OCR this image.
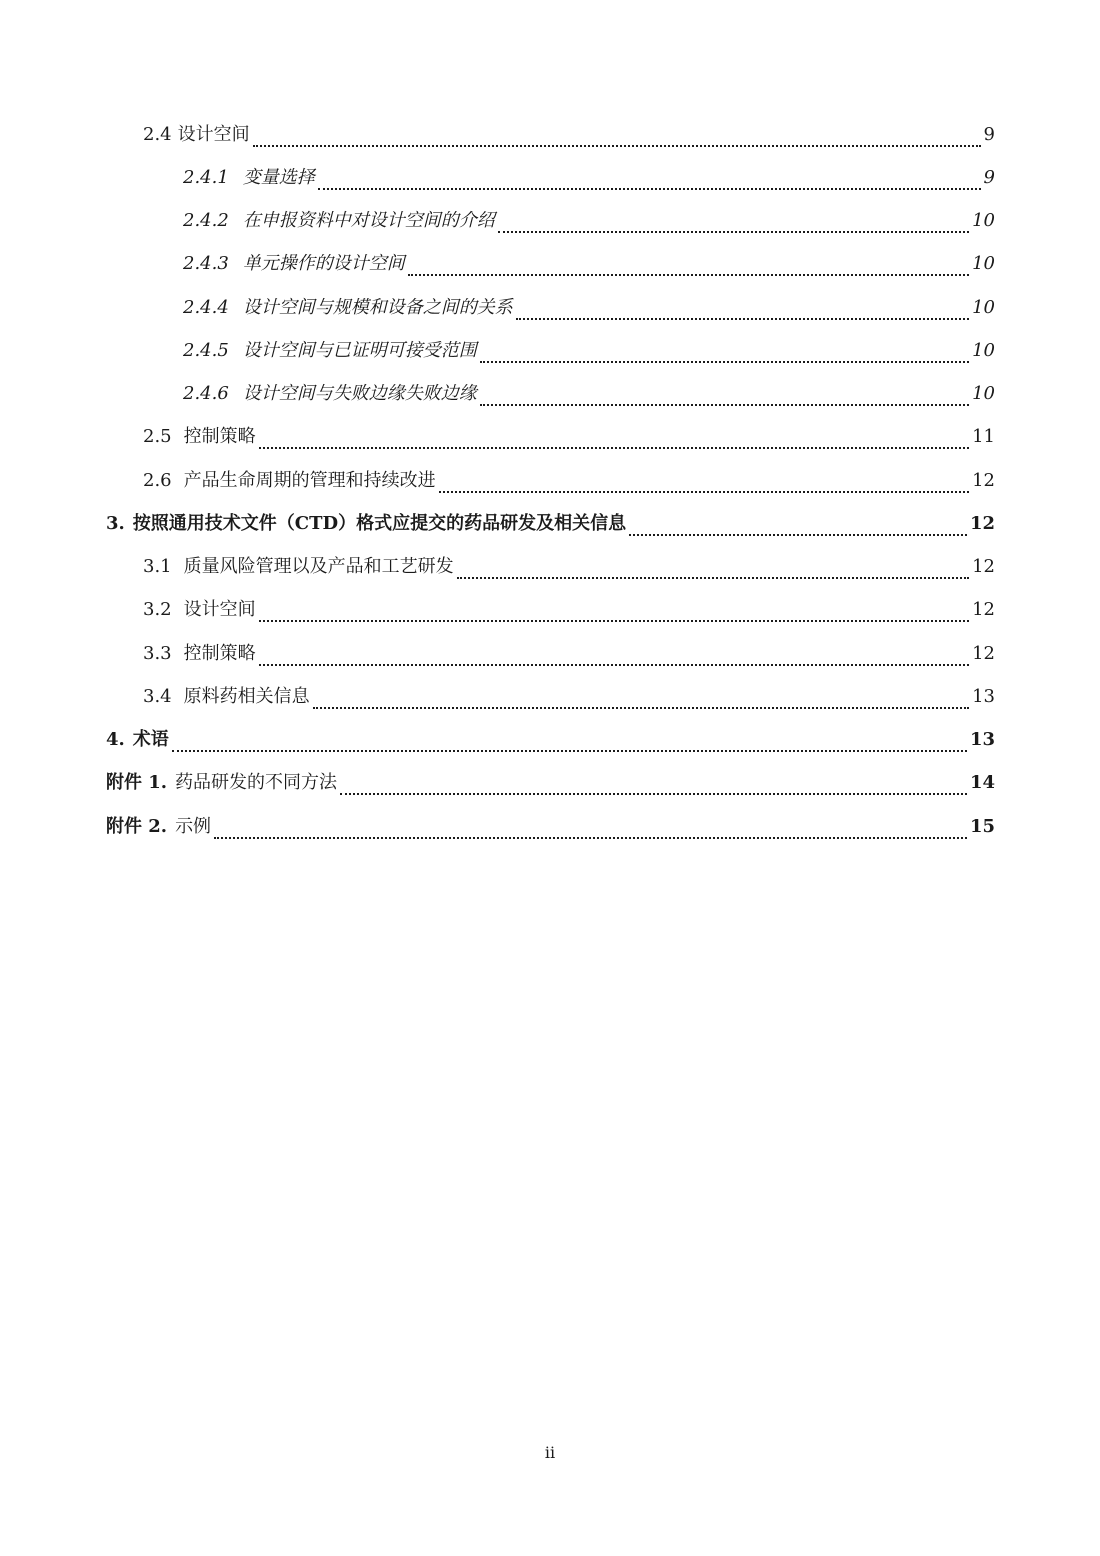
2.4 设计空间	9
2.4.1 变量选择	9
2.4.2 在申报资料中对设计空间的介绍	10
2.4.3 单元操作的设计空间	10
2.4.4 设计空间与规模和设备之间的关系	10
2.4.5 设计空间与已证明可接受范围	10
2.4.6 设计空间与失败边缘失败边缘	10
2.5 控制策略	11
2.6 产品生命周期的管理和持续改进	12
3. 按照通用技术文件（CTD）格式应提交的药品研发及相关信息	12
3.1 质量风险管理以及产品和工艺研发	12
3.2 设计空间	12
3.3 控制策略	12
3.4 原料药相关信息	13
4. 术语	13
附件 1. 药品研发的不同方法	14
附件 2. 示例	15
ii
